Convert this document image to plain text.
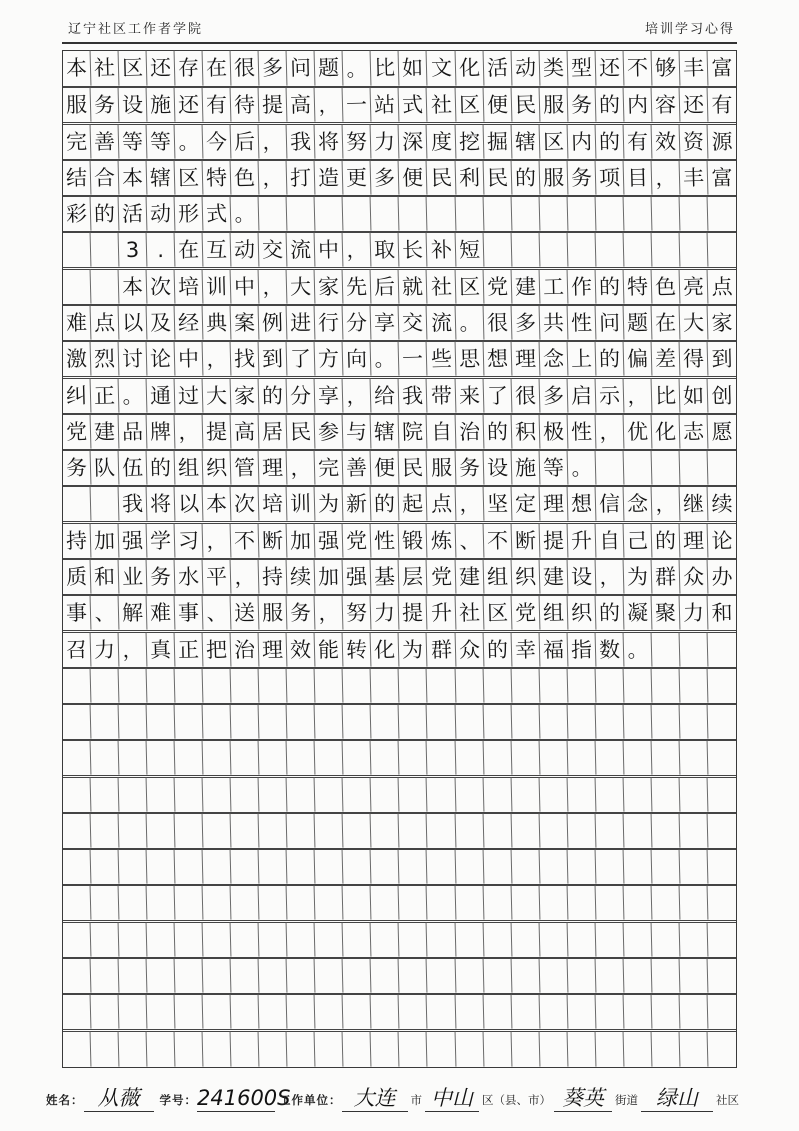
辽宁社区工作者学院	培训学习心得
本 社 区 还 存 在 很 多 问 题 。 比 如 文 化 活 动 类 型 还 不 够 丰 富
服 务 设 施 还 有 待 提 高 ， 一 站 式 社 区 便 民 服 务 的 内 容 还 有
完 善 等 等 。 今 后 ， 我 将 努 力 深 度 挖 掘 辖 区 内 的 有 效 资 源
结 合 本 辖 区 特 色 ， 打 造 更 多 便 民 利 民 的 服 务 项 目 ， 丰 富
彩 的 活 动 形 式 。
3 . 在 互 动 交 流 中 ， 取 长 补 短
本 次 培 训 中 ， 大 家 先 后 就 社 区 党 建 工 作 的 特 色 亮 点
难 点 以 及 经 典 案 例 进 行 分 享 交 流 。 很 多 共 性 问 题 在 大 家
激 烈 讨 论 中 ， 找 到 了 方 向 。 一 些 思 想 理 念 上 的 偏 差 得 到
纠 正 。 通 过 大 家 的 分 享 ， 给 我 带 来 了 很 多 启 示 ， 比 如 创
党 建 品 牌 ， 提 高 居 民 参 与 辖 院 自 治 的 积 极 性 ， 优 化 志 愿
务 队 伍 的 组 织 管 理 ， 完 善 便 民 服 务 设 施 等 。
我 将 以 本 次 培 训 为 新 的 起 点 ， 坚 定 理 想 信 念 ， 继 续
持 加 强 学 习 ， 不 断 加 强 党 性 锻 炼 、 不 断 提 升 自 己 的 理 论
质 和 业 务 水 平 ， 持 续 加 强 基 层 党 建 组 织 建 设 ， 为 群 众 办
事 、 解 难 事 、 送 服 务 ， 努 力 提 升 社 区 党 组 织 的 凝 聚 力 和
召 力 ， 真 正 把 治 理 效 能 转 化 为 群 众 的 幸 福 指 数 。
姓名： 从薇	学号： 241600S
工作单位： 大连	市 中山 区（县、市） 葵英 街道 绿山	社区
